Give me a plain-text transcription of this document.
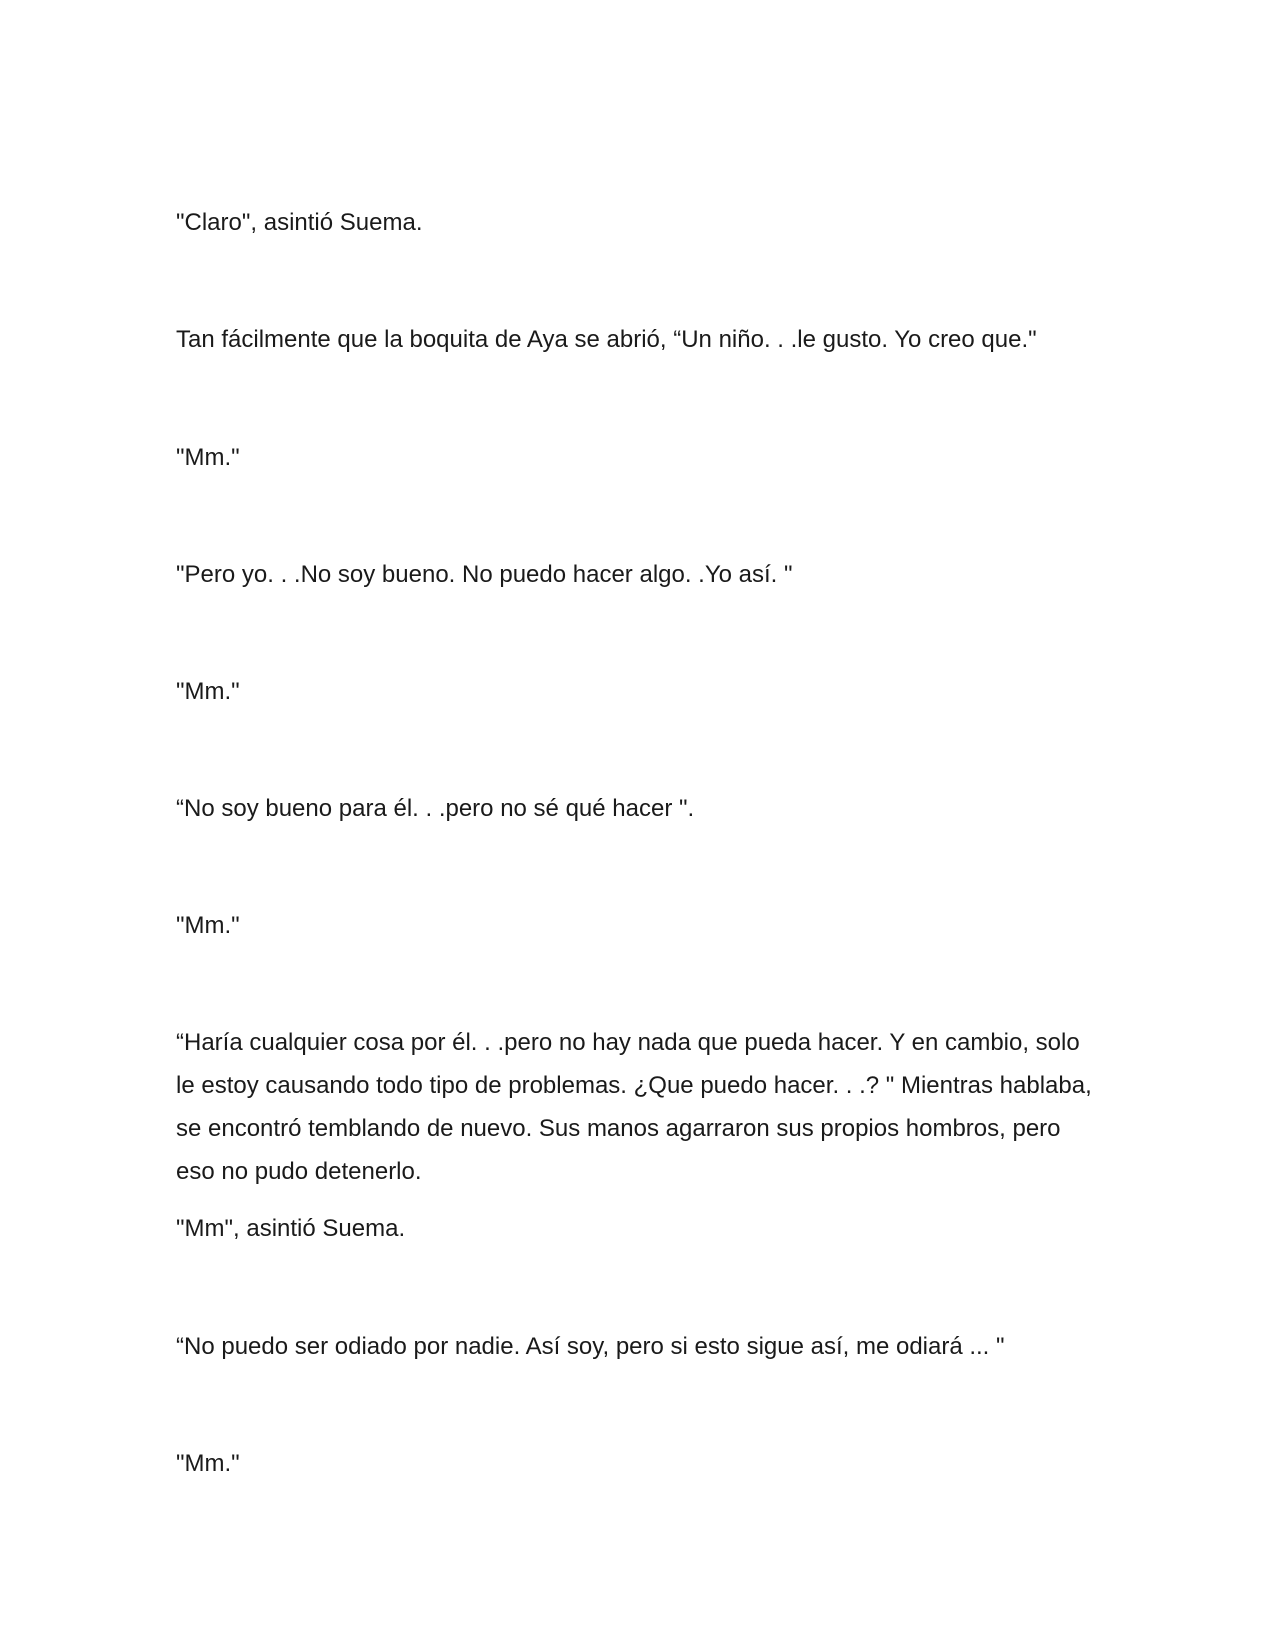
"Claro", asintió Suema.

Tan fácilmente que la boquita de Aya se abrió, “Un niño. . .le gusto. Yo creo que."

"Mm."

"Pero yo. . .No soy bueno. No puedo hacer algo. .Yo así. "

"Mm."

“No soy bueno para él. . .pero no sé qué hacer ".

"Mm."

“Haría cualquier cosa por él. . .pero no hay nada que pueda hacer. Y en cambio, solo le estoy causando todo tipo de problemas. ¿Que puedo hacer. . .? " Mientras hablaba, se encontró temblando de nuevo. Sus manos agarraron sus propios hombros, pero eso no pudo detenerlo.

"Mm", asintió Suema.

“No puedo ser odiado por nadie. Así soy, pero si esto sigue así, me odiará ... "

"Mm."
